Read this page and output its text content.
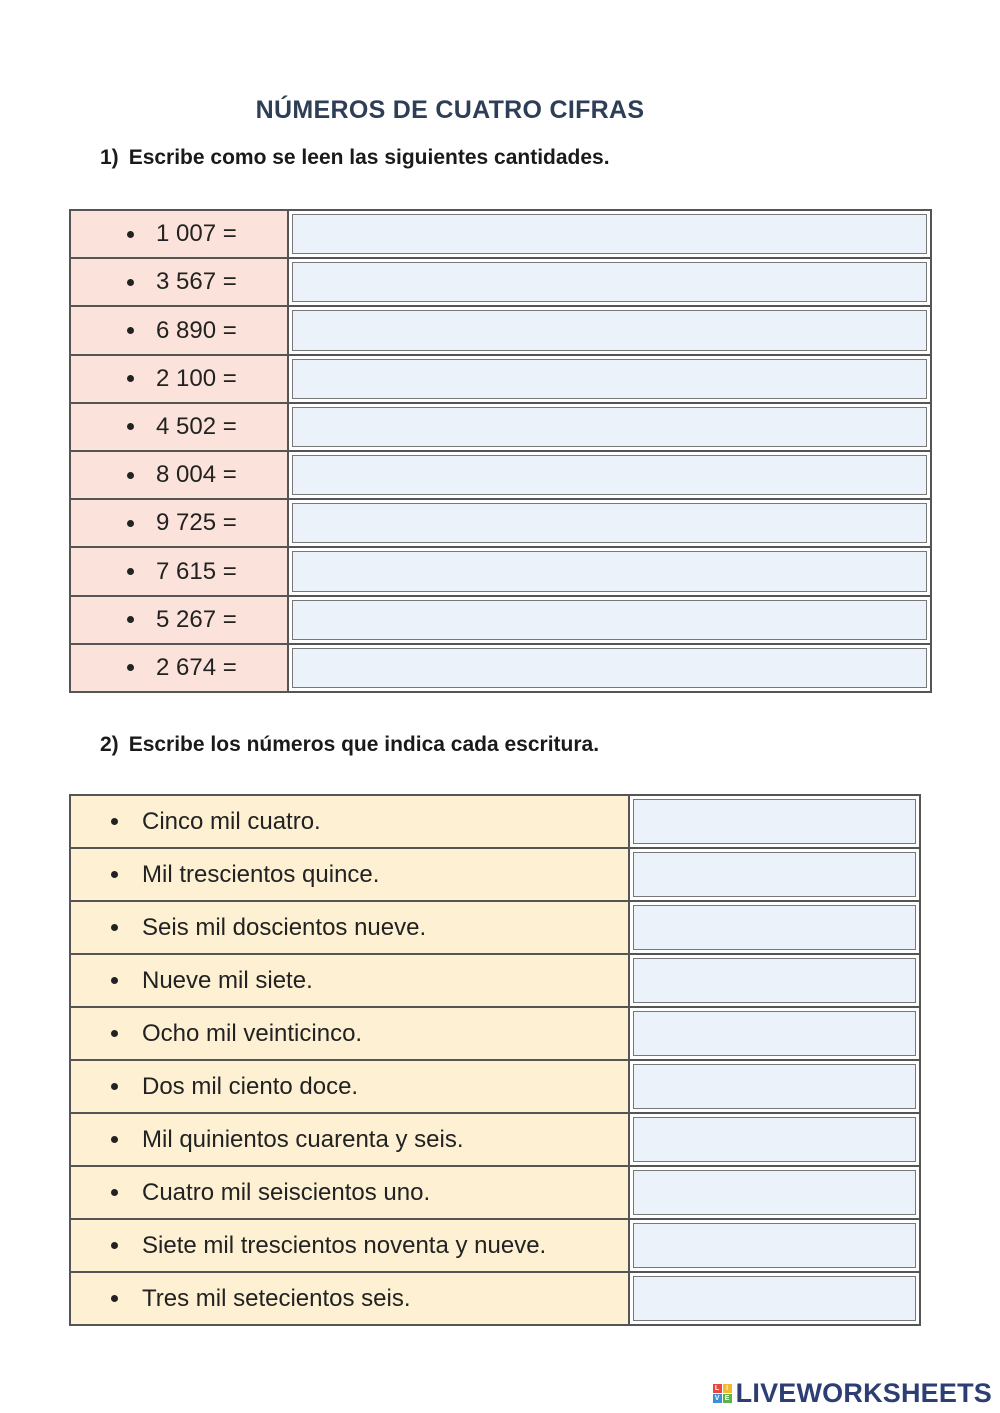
NÚMEROS DE CUATRO CIFRAS
1) Escribe como se leen las siguientes cantidades.
1 007 =
3 567 =
6 890 =
2 100 =
4 502 =
8 004 =
9 725 =
7 615 =
5 267 =
2 674 =
2) Escribe los números que indica cada escritura.
Cinco mil cuatro.
Mil trescientos quince.
Seis mil doscientos nueve.
Nueve mil siete.
Ocho mil veinticinco.
Dos mil ciento doce.
Mil quinientos cuarenta y seis.
Cuatro mil seiscientos uno.
Siete mil trescientos noventa y nueve.
Tres mil setecientos seis.
L I
V E LIVEWORKSHEETS
